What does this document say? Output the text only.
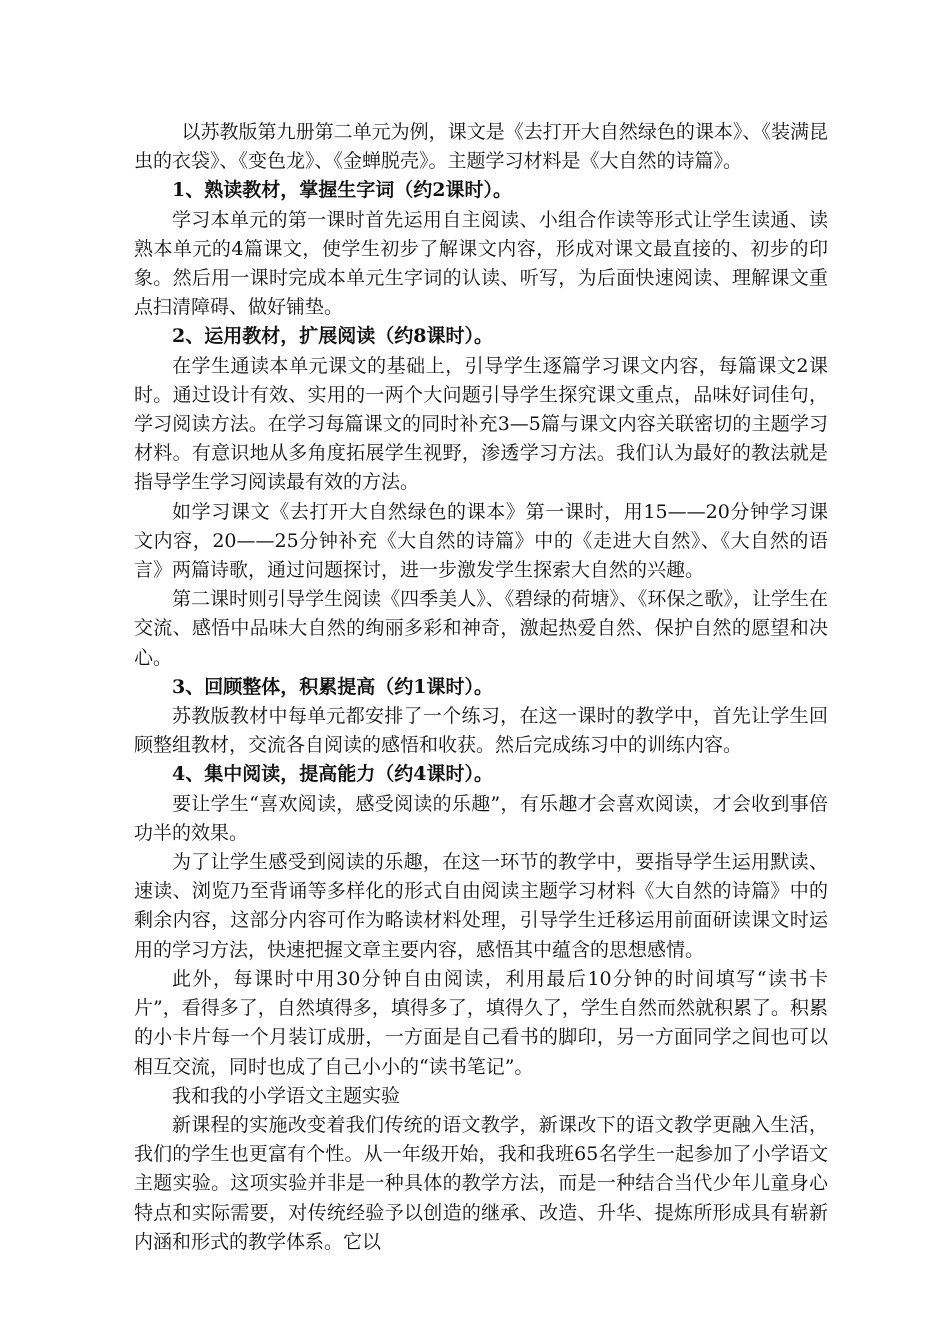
以苏教版第九册第二单元为例，课文是《去打开大自然绿色的课本》、《装满昆虫的衣袋》、《变色龙》、《金蝉脱壳》。主题学习材料是《大自然的诗篇》。

1、熟读教材，掌握生字词（约2课时）。

学习本单元的第一课时首先运用自主阅读、小组合作读等形式让学生读通、读熟本单元的4篇课文，使学生初步了解课文内容，形成对课文最直接的、初步的印象。然后用一课时完成本单元生字词的认读、听写，为后面快速阅读、理解课文重点扫清障碍、做好铺垫。

2、运用教材，扩展阅读（约8课时）。

在学生通读本单元课文的基础上，引导学生逐篇学习课文内容，每篇课文2课时。通过设计有效、实用的一两个大问题引导学生探究课文重点，品味好词佳句，学习阅读方法。在学习每篇课文的同时补充3—5篇与课文内容关联密切的主题学习材料。有意识地从多角度拓展学生视野，渗透学习方法。我们认为最好的教法就是指导学生学习阅读最有效的方法。

如学习课文《去打开大自然绿色的课本》第一课时，用15——20分钟学习课文内容，20——25分钟补充《大自然的诗篇》中的《走进大自然》、《大自然的语言》两篇诗歌，通过问题探讨，进一步激发学生探索大自然的兴趣。

第二课时则引导学生阅读《四季美人》、《碧绿的荷塘》、《环保之歌》，让学生在交流、感悟中品味大自然的绚丽多彩和神奇，激起热爱自然、保护自然的愿望和决心。

3、回顾整体，积累提高（约1课时）。

苏教版教材中每单元都安排了一个练习，在这一课时的教学中，首先让学生回顾整组教材，交流各自阅读的感悟和收获。然后完成练习中的训练内容。

4、集中阅读，提高能力（约4课时）。

要让学生“喜欢阅读，感受阅读的乐趣”，有乐趣才会喜欢阅读，才会收到事倍功半的效果。

为了让学生感受到阅读的乐趣，在这一环节的教学中，要指导学生运用默读、速读、浏览乃至背诵等多样化的形式自由阅读主题学习材料《大自然的诗篇》中的剩余内容，这部分内容可作为略读材料处理，引导学生迁移运用前面研读课文时运用的学习方法，快速把握文章主要内容，感悟其中蕴含的思想感情。

此外，每课时中用30分钟自由阅读，利用最后10分钟的时间填写“读书卡片”，看得多了，自然填得多，填得多了，填得久了，学生自然而然就积累了。积累的小卡片每一个月装订成册，一方面是自己看书的脚印，另一方面同学之间也可以相互交流，同时也成了自己小小的“读书笔记”。

我和我的小学语文主题实验

新课程的实施改变着我们传统的语文教学，新课改下的语文教学更融入生活，我们的学生也更富有个性。从一年级开始，我和我班65名学生一起参加了小学语文主题实验。这项实验并非是一种具体的教学方法，而是一种结合当代少年儿童身心特点和实际需要，对传统经验予以创造的继承、改造、升华、提炼所形成具有崭新内涵和形式的教学体系。它以
